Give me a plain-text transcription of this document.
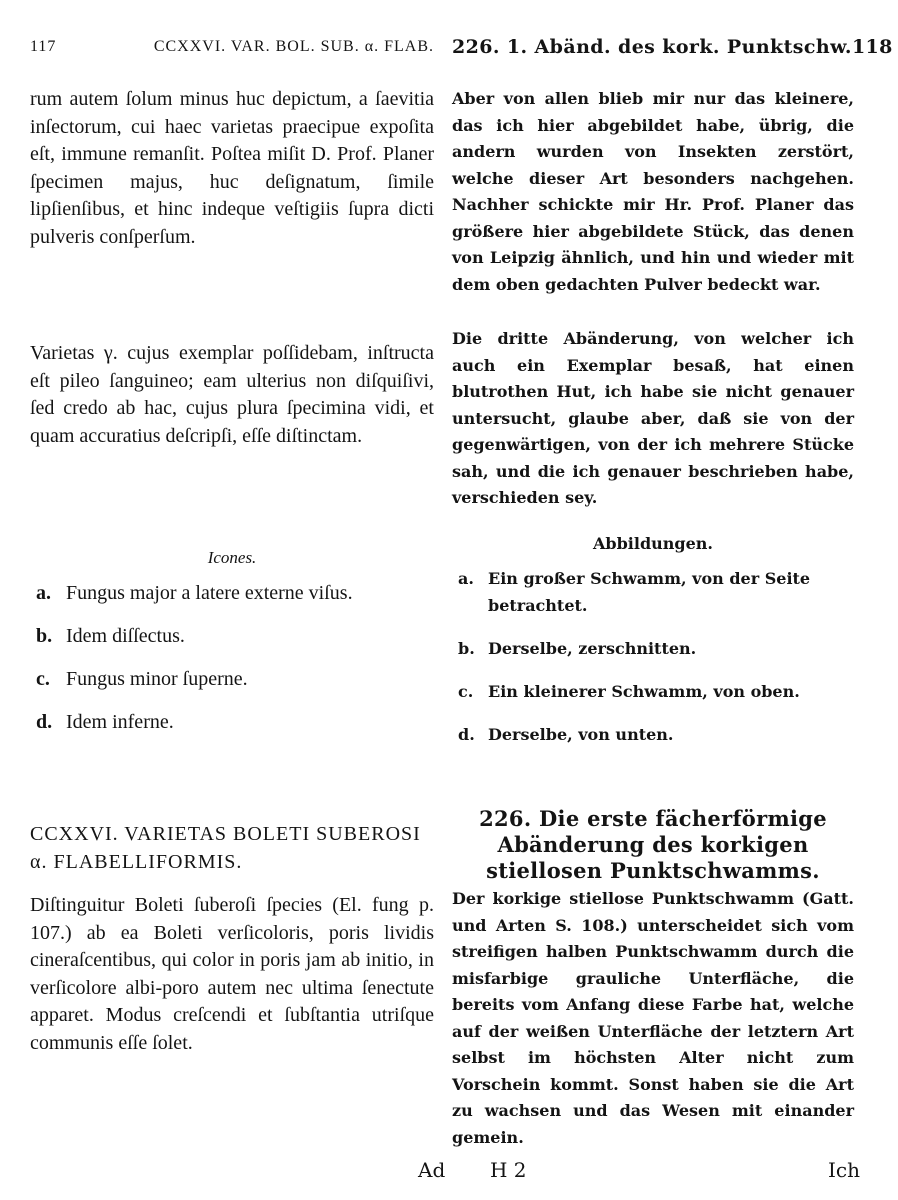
117	CCXXVI. VAR. BOL. SUB. α. FLAB.

rum autem ſolum minus huc depictum, a ſaevitia inſectorum, cui haec varietas praecipue expoſita eſt, immune remanſit. Poſtea miſit D. Prof. Planer ſpecimen majus, huc deſignatum, ſimile lipſienſibus, et hinc indeque veſtigiis ſupra dicti pulveris conſperſum.

Varietas γ. cujus exemplar poſſidebam, inſtructa eſt pileo ſanguineo; eam ulterius non diſquiſivi, ſed credo ab hac, cujus plura ſpecimina vidi, et quam accuratius deſcripſi, eſſe diſtinctam.

Icones.
a. Fungus major a latere externe viſus.
b. Idem diſſectus.
c. Fungus minor ſuperne.
d. Idem inferne.

CCXXVI. VARIETAS BOLETI SUBEROSI α. FLABELLIFORMIS.

Diſtinguitur Boleti ſuberoſi ſpecies (El. fung p. 107.) ab ea Boleti verſicoloris, poris lividis cineraſcentibus, qui color in poris jam ab initio, in verſicolore albi-poro autem nec ultima ſenectute apparet. Modus creſcendi et ſubſtantia utriſque communis eſſe ſolet.

226. 1. Abänd. des kork. Punktschw. 118

Aber von allen blieb mir nur das kleinere, das ich hier abgebildet habe, übrig, die andern wurden von Insekten zerstört, welche dieser Art besonders nachgehen. Nachher schickte mir Hr. Prof. Planer das größere hier abgebildete Stück, das denen von Leipzig ähnlich, und hin und wieder mit dem oben gedachten Pulver bedeckt war.

Die dritte Abänderung, von welcher ich auch ein Exemplar besaß, hat einen blutrothen Hut, ich habe sie nicht genauer untersucht, glaube aber, daß sie von der gegenwärtigen, von der ich mehrere Stücke sah, und die ich genauer beschrieben habe, verschieden sey.

Abbildungen.
a. Ein großer Schwamm, von der Seite betrachtet.
b. Derselbe, zerschnitten.
c. Ein kleinerer Schwamm, von oben.
d. Derselbe, von unten.

226. Die erste fächerförmige Abänderung des korkigen stiellosen Punktschwamms.

Der korkige stiellose Punktschwamm (Gatt. und Arten S. 108.) unterscheidet sich vom streifigen halben Punktschwamm durch die misfarbige grauliche Unterfläche, die bereits vom Anfang diese Farbe hat, welche auf der weißen Unterfläche der letztern Art selbst im höchsten Alter nicht zum Vorschein kommt. Sonst haben sie die Art zu wachsen und das Wesen mit einander gemein.

Ad H 2	Ich
